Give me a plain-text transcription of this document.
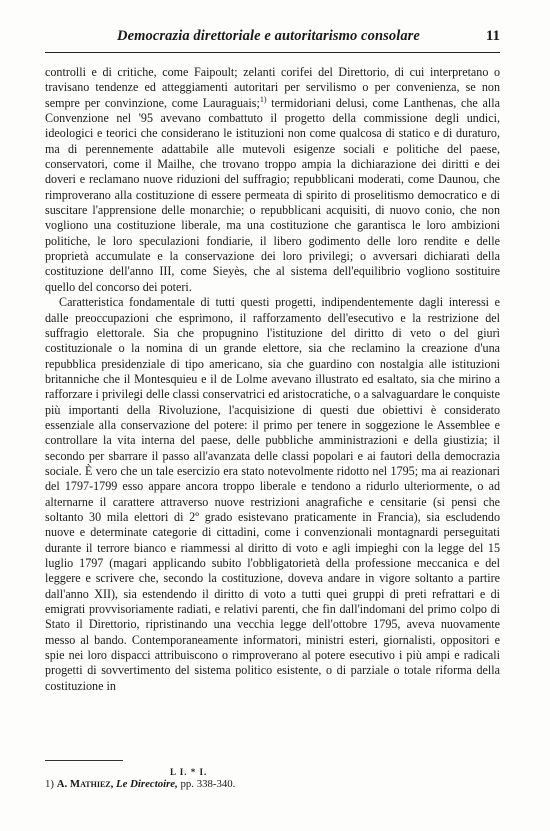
Democrazia direttoriale e autoritarismo consolare	11

controlli e di critiche, come Faipoult; zelanti corifei del Direttorio, di cui interpretano o travisano tendenze ed atteggiamenti autoritari per servilismo o per convenienza, se non sempre per convinzione, come Lauraguais;$^{1)}$ termidoriani delusi, come Lanthenas, che alla Convenzione nel '95 avevano combattuto il progetto della commissione degli undici, ideologici e teorici che considerano le istituzioni non come qualcosa di statico e di duraturo, ma di perennemente adattabile alle mutevoli esigenze sociali e politiche del paese, conservatori, come il Mailhe, che trovano troppo ampia la dichiarazione dei diritti e dei doveri e reclamano nuove riduzioni del suffragio; repubblicani moderati, come Daunou, che rimproverano alla costituzione di essere permeata di spirito di proselitismo democratico e di suscitare l'apprensione delle monarchie; o repubblicani acquisiti, di nuovo conio, che non vogliono una costituzione liberale, ma una costituzione che garantisca le loro ambizioni politiche, le loro speculazioni fondiarie, il libero godimento delle loro rendite e delle proprietà accumulate e la conservazione dei loro privilegi; o avversari dichiarati della costituzione dell'anno III, come Sieyès, che al sistema dell'equilibrio vogliono sostituire quello del concorso dei poteri.

Caratteristica fondamentale di tutti questi progetti, indipendentemente dagli interessi e dalle preoccupazioni che esprimono, il rafforzamento dell'esecutivo e la restrizione del suffragio elettorale. Sia che propugnino l'istituzione del diritto di veto o del giurì costituzionale o la nomina di un grande elettore, sia che reclamino la creazione d'una repubblica presidenziale di tipo americano, sia che guardino con nostalgia alle istituzioni britanniche che il Montesquieu e il de Lolme avevano illustrato ed esaltato, sia che mirino a rafforzare i privilegi delle classi conservatrici ed aristocratiche, o a salvaguardare le conquiste più importanti della Rivoluzione, l'acquisizione di questi due obiettivi è considerato essenziale alla conservazione del potere: il primo per tenere in soggezione le Assemblee e controllare la vita interna del paese, delle pubbliche amministrazioni e della giustizia; il secondo per sbarrare il passo all'avanzata delle classi popolari e ai fautori della democrazia sociale. È vero che un tale esercizio era stato notevolmente ridotto nel 1795; ma ai reazionari del 1797-1799 esso appare ancora troppo liberale e tendono a ridurlo ulteriormente, o ad alternarne il carattere attraverso nuove restrizioni anagrafiche e censitarie (si pensi che soltanto 30 mila elettori di 2º grado esistevano praticamente in Francia), sia escludendo nuove e determinate categorie di cittadini, come i convenzionali montagnardi perseguitati durante il terrore bianco e riammessi al diritto di voto e agli impieghi con la legge del 15 luglio 1797 (magari applicando subito l'obbligatorietà della professione meccanica e del leggere e scrivere che, secondo la costituzione, doveva andare in vigore soltanto a partire dall'anno XII), sia estendendo il diritto di voto a tutti quei gruppi di preti refrattari e di emigrati provvisoriamente radiati, e relativi parenti, che fin dall'indomani del primo colpo di Stato il Direttorio, ripristinando una vecchia legge dell'ottobre 1795, aveva nuovamente messo al bando. Contemporaneamente informatori, ministri esteri, giornalisti, oppositori e spie nei loro dispacci attribuiscono o rimproverano al potere esecutivo i più ampi e radicali progetti di sovvertimento del sistema politico esistente, o di parziale o totale riforma della costituzione in

L I. * I.
1) A. Mathiez, Le Directoire, pp. 338-340.
